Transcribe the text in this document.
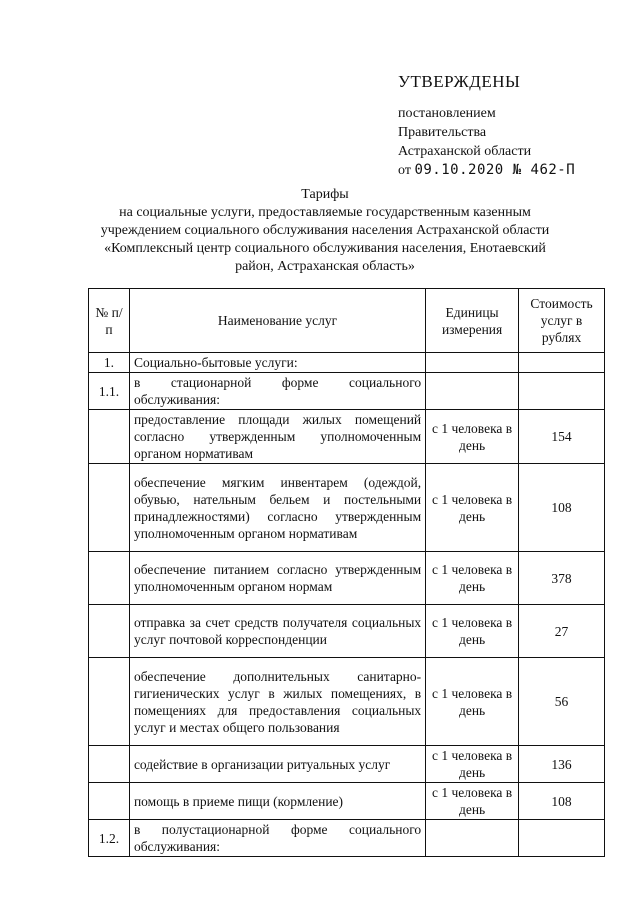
УТВЕРЖДЕНЫ
постановлением
Правительства
Астраханской области
от 09.10.2020 № 462-П
Тарифы
на социальные услуги, предоставляемые государственным казенным
учреждением социального обслуживания населения Астраханской области
«Комплексный центр социального обслуживания населения, Енотаевский
район, Астраханская область»
№ п/п	Наименование услуг	Единицы измерения	Стоимость услуг в рублях
1.	Социально-бытовые услуги:		
1.1.	в стационарной форме социального обслуживания:		
	предоставление площади жилых помещений согласно утвержденным уполномоченным органом нормативам	с 1 человека в день	154
	обеспечение мягким инвентарем (одеждой, обувью, нательным бельем и постельными принадлежностями) согласно утвержденным уполномоченным органом нормативам	с 1 человека в день	108
	обеспечение питанием согласно утвержденным уполномоченным органом нормам	с 1 человека в день	378
	отправка за счет средств получателя социальных услуг почтовой корреспонденции	с 1 человека в день	27
	обеспечение дополнительных санитарно-гигиенических услуг в жилых помещениях, в помещениях для предоставления социальных услуг и местах общего пользования	с 1 человека в день	56
	содействие в организации ритуальных услуг	с 1 человека в день	136
	помощь в приеме пищи (кормление)	с 1 человека в день	108
1.2.	в полустационарной форме социального обслуживания:		
